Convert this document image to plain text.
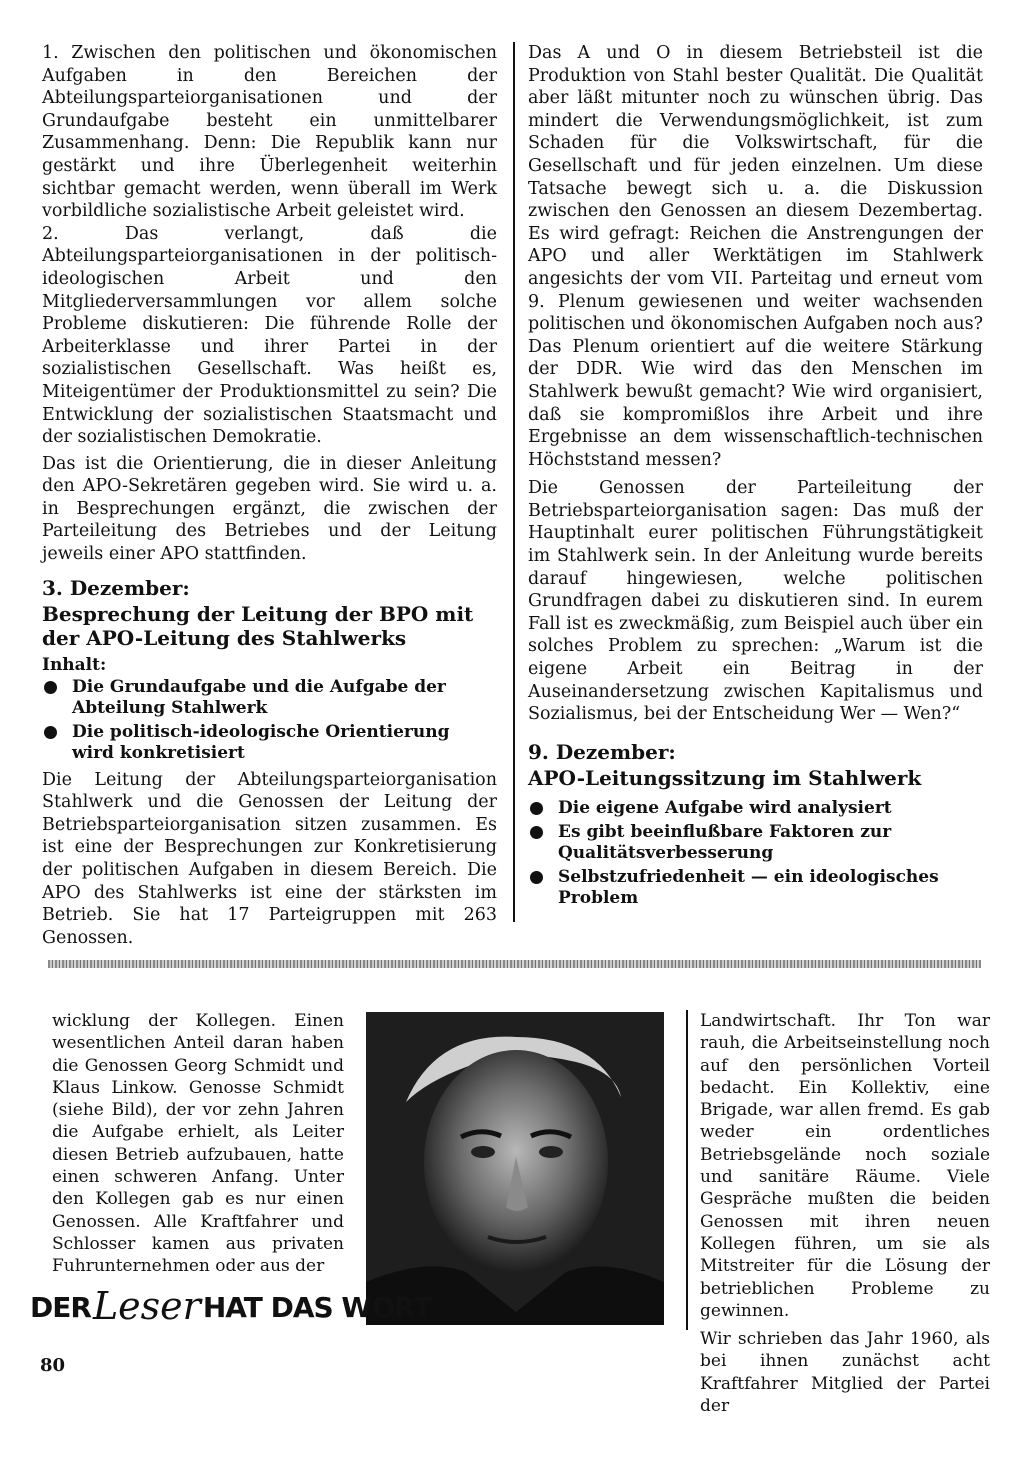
1. Zwischen den politischen und ökonomischen Aufgaben in den Bereichen der Abteilungsparteiorganisationen und der Grundaufgabe besteht ein unmittelbarer Zusammenhang. Denn: Die Republik kann nur gestärkt und ihre Überlegenheit weiterhin sichtbar gemacht werden, wenn überall im Werk vorbildliche sozialistische Arbeit geleistet wird.

2. Das verlangt, daß die Abteilungsparteiorganisationen in der politisch-ideologischen Arbeit und den Mitgliederversammlungen vor allem solche Probleme diskutieren: Die führende Rolle der Arbeiterklasse und ihrer Partei in der sozialistischen Gesellschaft. Was heißt es, Miteigentümer der Produktionsmittel zu sein? Die Entwicklung der sozialistischen Staatsmacht und der sozialistischen Demokratie.

Das ist die Orientierung, die in dieser Anleitung den APO-Sekretären gegeben wird. Sie wird u. a. in Besprechungen ergänzt, die zwischen der Parteileitung des Betriebes und der Leitung jeweils einer APO stattfinden.

3. Dezember:
Besprechung der Leitung der BPO mit der APO-Leitung des Stahlwerks
Inhalt:
Die Grundaufgabe und die Aufgabe der Abteilung Stahlwerk
Die politisch-ideologische Orientierung wird konkretisiert

Die Leitung der Abteilungsparteiorganisation Stahlwerk und die Genossen der Leitung der Betriebsparteiorganisation sitzen zusammen. Es ist eine der Besprechungen zur Konkretisierung der politischen Aufgaben in diesem Bereich. Die APO des Stahlwerks ist eine der stärksten im Betrieb. Sie hat 17 Parteigruppen mit 263 Genossen.

Das A und O in diesem Betriebsteil ist die Produktion von Stahl bester Qualität. Die Qualität aber läßt mitunter noch zu wünschen übrig. Das mindert die Verwendungsmöglichkeit, ist zum Schaden für die Volkswirtschaft, für die Gesellschaft und für jeden einzelnen. Um diese Tatsache bewegt sich u. a. die Diskussion zwischen den Genossen an diesem Dezembertag. Es wird gefragt: Reichen die Anstrengungen der APO und aller Werktätigen im Stahlwerk angesichts der vom VII. Parteitag und erneut vom 9. Plenum gewiesenen und weiter wachsenden politischen und ökonomischen Aufgaben noch aus? Das Plenum orientiert auf die weitere Stärkung der DDR. Wie wird das den Menschen im Stahlwerk bewußt gemacht? Wie wird organisiert, daß sie kompromißlos ihre Arbeit und ihre Ergebnisse an dem wissenschaftlich-technischen Höchststand messen?

Die Genossen der Parteileitung der Betriebsparteiorganisation sagen: Das muß der Hauptinhalt eurer politischen Führungstätigkeit im Stahlwerk sein. In der Anleitung wurde bereits darauf hingewiesen, welche politischen Grundfragen dabei zu diskutieren sind. In eurem Fall ist es zweckmäßig, zum Beispiel auch über ein solches Problem zu sprechen: „Warum ist die eigene Arbeit ein Beitrag in der Auseinandersetzung zwischen Kapitalismus und Sozialismus, bei der Entscheidung Wer — Wen?“

9. Dezember:
APO-Leitungssitzung im Stahlwerk
Die eigene Aufgabe wird analysiert
Es gibt beeinflußbare Faktoren zur Qualitätsverbesserung
Selbstzufriedenheit — ein ideologisches Problem

wicklung der Kollegen. Einen wesentlichen Anteil daran haben die Genossen Georg Schmidt und Klaus Linkow. Genosse Schmidt (siehe Bild), der vor zehn Jahren die Aufgabe erhielt, als Leiter diesen Betrieb aufzubauen, hatte einen schweren Anfang. Unter den Kollegen gab es nur einen Genossen. Alle Kraftfahrer und Schlosser kamen aus privaten Fuhrunternehmen oder aus der

Landwirtschaft. Ihr Ton war rauh, die Arbeitseinstellung noch auf den persönlichen Vorteil bedacht. Ein Kollektiv, eine Brigade, war allen fremd. Es gab weder ein ordentliches Betriebsgelände noch soziale und sanitäre Räume. Viele Gespräche mußten die beiden Genossen mit ihren neuen Kollegen führen, um sie als Mitstreiter für die Lösung der betrieblichen Probleme zu gewinnen.

Wir schrieben das Jahr 1960, als bei ihnen zunächst acht Kraftfahrer Mitglied der Partei der

DERLeserHAT DAS WORT
80
